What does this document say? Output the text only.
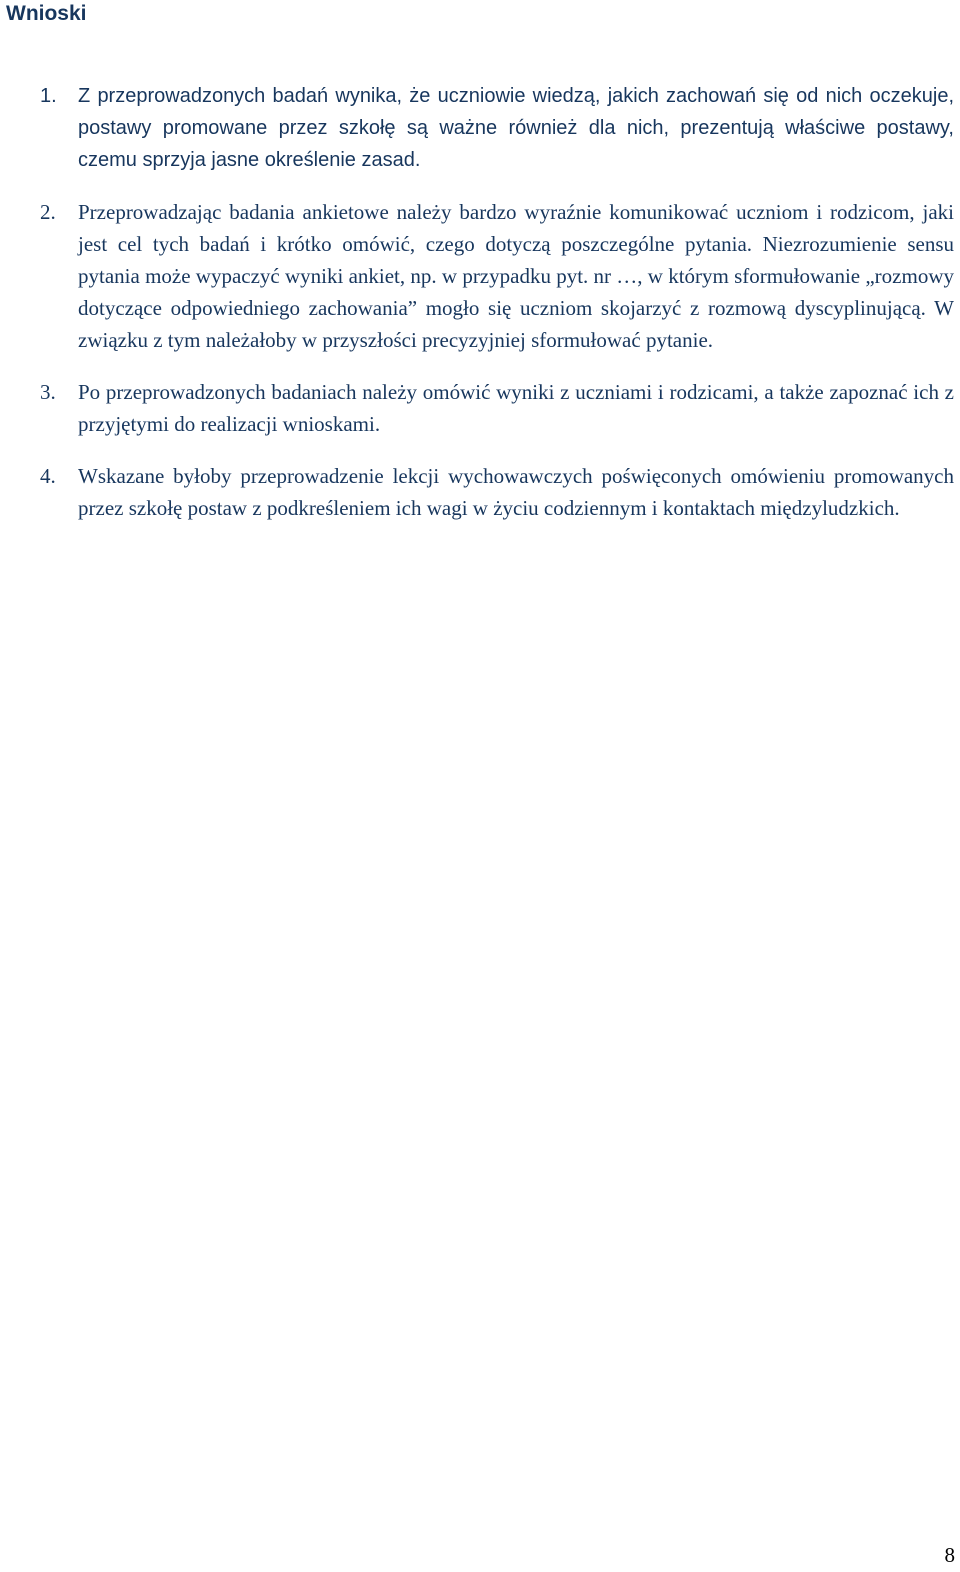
Wnioski
1. Z przeprowadzonych badań wynika, że uczniowie wiedzą, jakich zachowań się od nich oczekuje, postawy promowane przez szkołę są ważne również dla nich, prezentują właściwe postawy, czemu sprzyja jasne określenie zasad.
2. Przeprowadzając badania ankietowe należy bardzo wyraźnie komunikować uczniom i rodzicom, jaki jest cel tych badań i krótko omówić, czego dotyczą poszczególne pytania. Niezrozumienie sensu pytania może wypaczyć wyniki ankiet, np. w przypadku pyt. nr …, w którym sformułowanie „rozmowy dotyczące odpowiedniego zachowania” mogło się uczniom skojarzyć z rozmową dyscyplinującą. W związku z tym należałoby w przyszłości precyzyjniej sformułować pytanie.
3. Po przeprowadzonych badaniach należy omówić wyniki z uczniami i rodzicami, a także zapoznać ich z przyjętymi do realizacji wnioskami.
4. Wskazane byłoby przeprowadzenie lekcji wychowawczych poświęconych omówieniu promowanych przez szkołę postaw z podkreśleniem ich wagi w życiu codziennym i kontaktach międzyludzkich.
8
